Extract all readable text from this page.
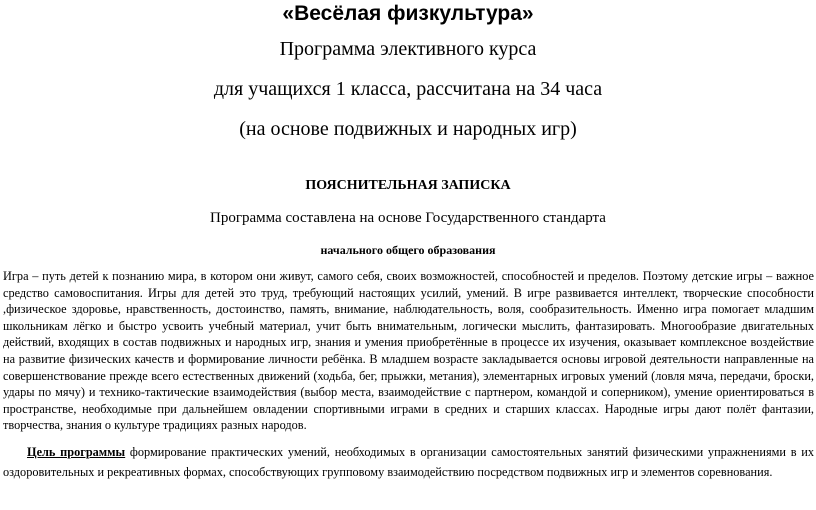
«Весёлая физкультура»
Программа элективного курса
для учащихся 1 класса, рассчитана на 34 часа
(на основе подвижных и народных игр)
ПОЯСНИТЕЛЬНАЯ ЗАПИСКА
Программа составлена на основе Государственного стандарта
начального общего образования

Игра – путь детей к познанию мира, в котором они живут, самого себя, своих возможностей, способностей и пределов. Поэтому детские игры – важное средство самовоспитания. Игры для детей это труд, требующий настоящих усилий, умений. В игре развивается интеллект, творческие способности ,физическое здоровье, нравственность, достоинство, память, внимание, наблюдательность, воля, сообразительность. Именно игра помогает младшим школьникам лёгко и быстро усвоить учебный материал, учит быть внимательным, логически мыслить, фантазировать. Многообразие двигательных действий, входящих в состав подвижных и народных игр, знания и умения приобретённые в процессе их изучения, оказывает комплексное воздействие на развитие физических качеств и формирование личности ребёнка. В младшем возрасте закладывается основы игровой деятельности направленные на совершенствование прежде всего естественных движений (ходьба, бег, прыжки, метания), элементарных игровых умений (ловля мяча, передачи, броски, удары по мячу) и технико-тактические взаимодействия (выбор места, взаимодействие с партнером, командой и соперником), умение ориентироваться в пространстве, необходимые при дальнейшем овладении спортивными играми в средних и старших классах. Народные игры дают полёт фантазии, творчества, знания о культуре традициях разных народов.

Цель программы формирование практических умений, необходимых в организации самостоятельных занятий физическими упражнениями в их оздоровительных и рекреативных формах, способствующих групповому взаимодействию посредством подвижных игр и элементов соревнования.
